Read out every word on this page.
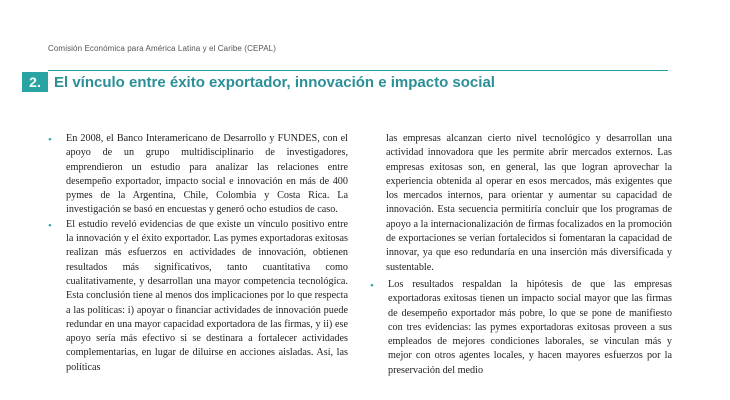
Comisión Económica para América Latina y el Caribe (CEPAL)
2. El vínculo entre éxito exportador, innovación e impacto social
• En 2008, el Banco Interamericano de Desarrollo y FUNDES, con el apoyo de un grupo multidisciplinario de investigadores, emprendieron un estudio para analizar las relaciones entre desempeño exportador, impacto social e innovación en más de 400 pymes de la Argentina, Chile, Colombia y Costa Rica. La investigación se basó en encuestas y generó ocho estudios de caso.
• El estudio reveló evidencias de que existe un vínculo positivo entre la innovación y el éxito exportador. Las pymes exportadoras exitosas realizan más esfuerzos en actividades de innovación, obtienen resultados más significativos, tanto cuantitativa como cualitativamente, y desarrollan una mayor competencia tecnológica. Esta conclusión tiene al menos dos implicaciones por lo que respecta a las políticas: i) apoyar o financiar actividades de innovación puede redundar en una mayor capacidad exportadora de las firmas, y ii) ese apoyo sería más efectivo si se destinara a fortalecer actividades complementarias, en lugar de diluirse en acciones aisladas. Así, las políticas
las empresas alcanzan cierto nivel tecnológico y desarrollan una actividad innovadora que les permite abrir mercados externos. Las empresas exitosas son, en general, las que logran aprovechar la experiencia obtenida al operar en esos mercados, más exigentes que los mercados internos, para orientar y aumentar su capacidad de innovación. Esta secuencia permitiría concluir que los programas de apoyo a la internacionalización de firmas focalizados en la promoción de exportaciones se verían fortalecidos si fomentaran la capacidad de innovar, ya que eso redundaría en una inserción más diversificada y sustentable.
• Los resultados respaldan la hipótesis de que las empresas exportadoras exitosas tienen un impacto social mayor que las firmas de desempeño exportador más pobre, lo que se pone de manifiesto con tres evidencias: las pymes exportadoras exitosas proveen a sus empleados de mejores condiciones laborales, se vinculan más y mejor con otros agentes locales, y hacen mayores esfuerzos por la preservación del medio
